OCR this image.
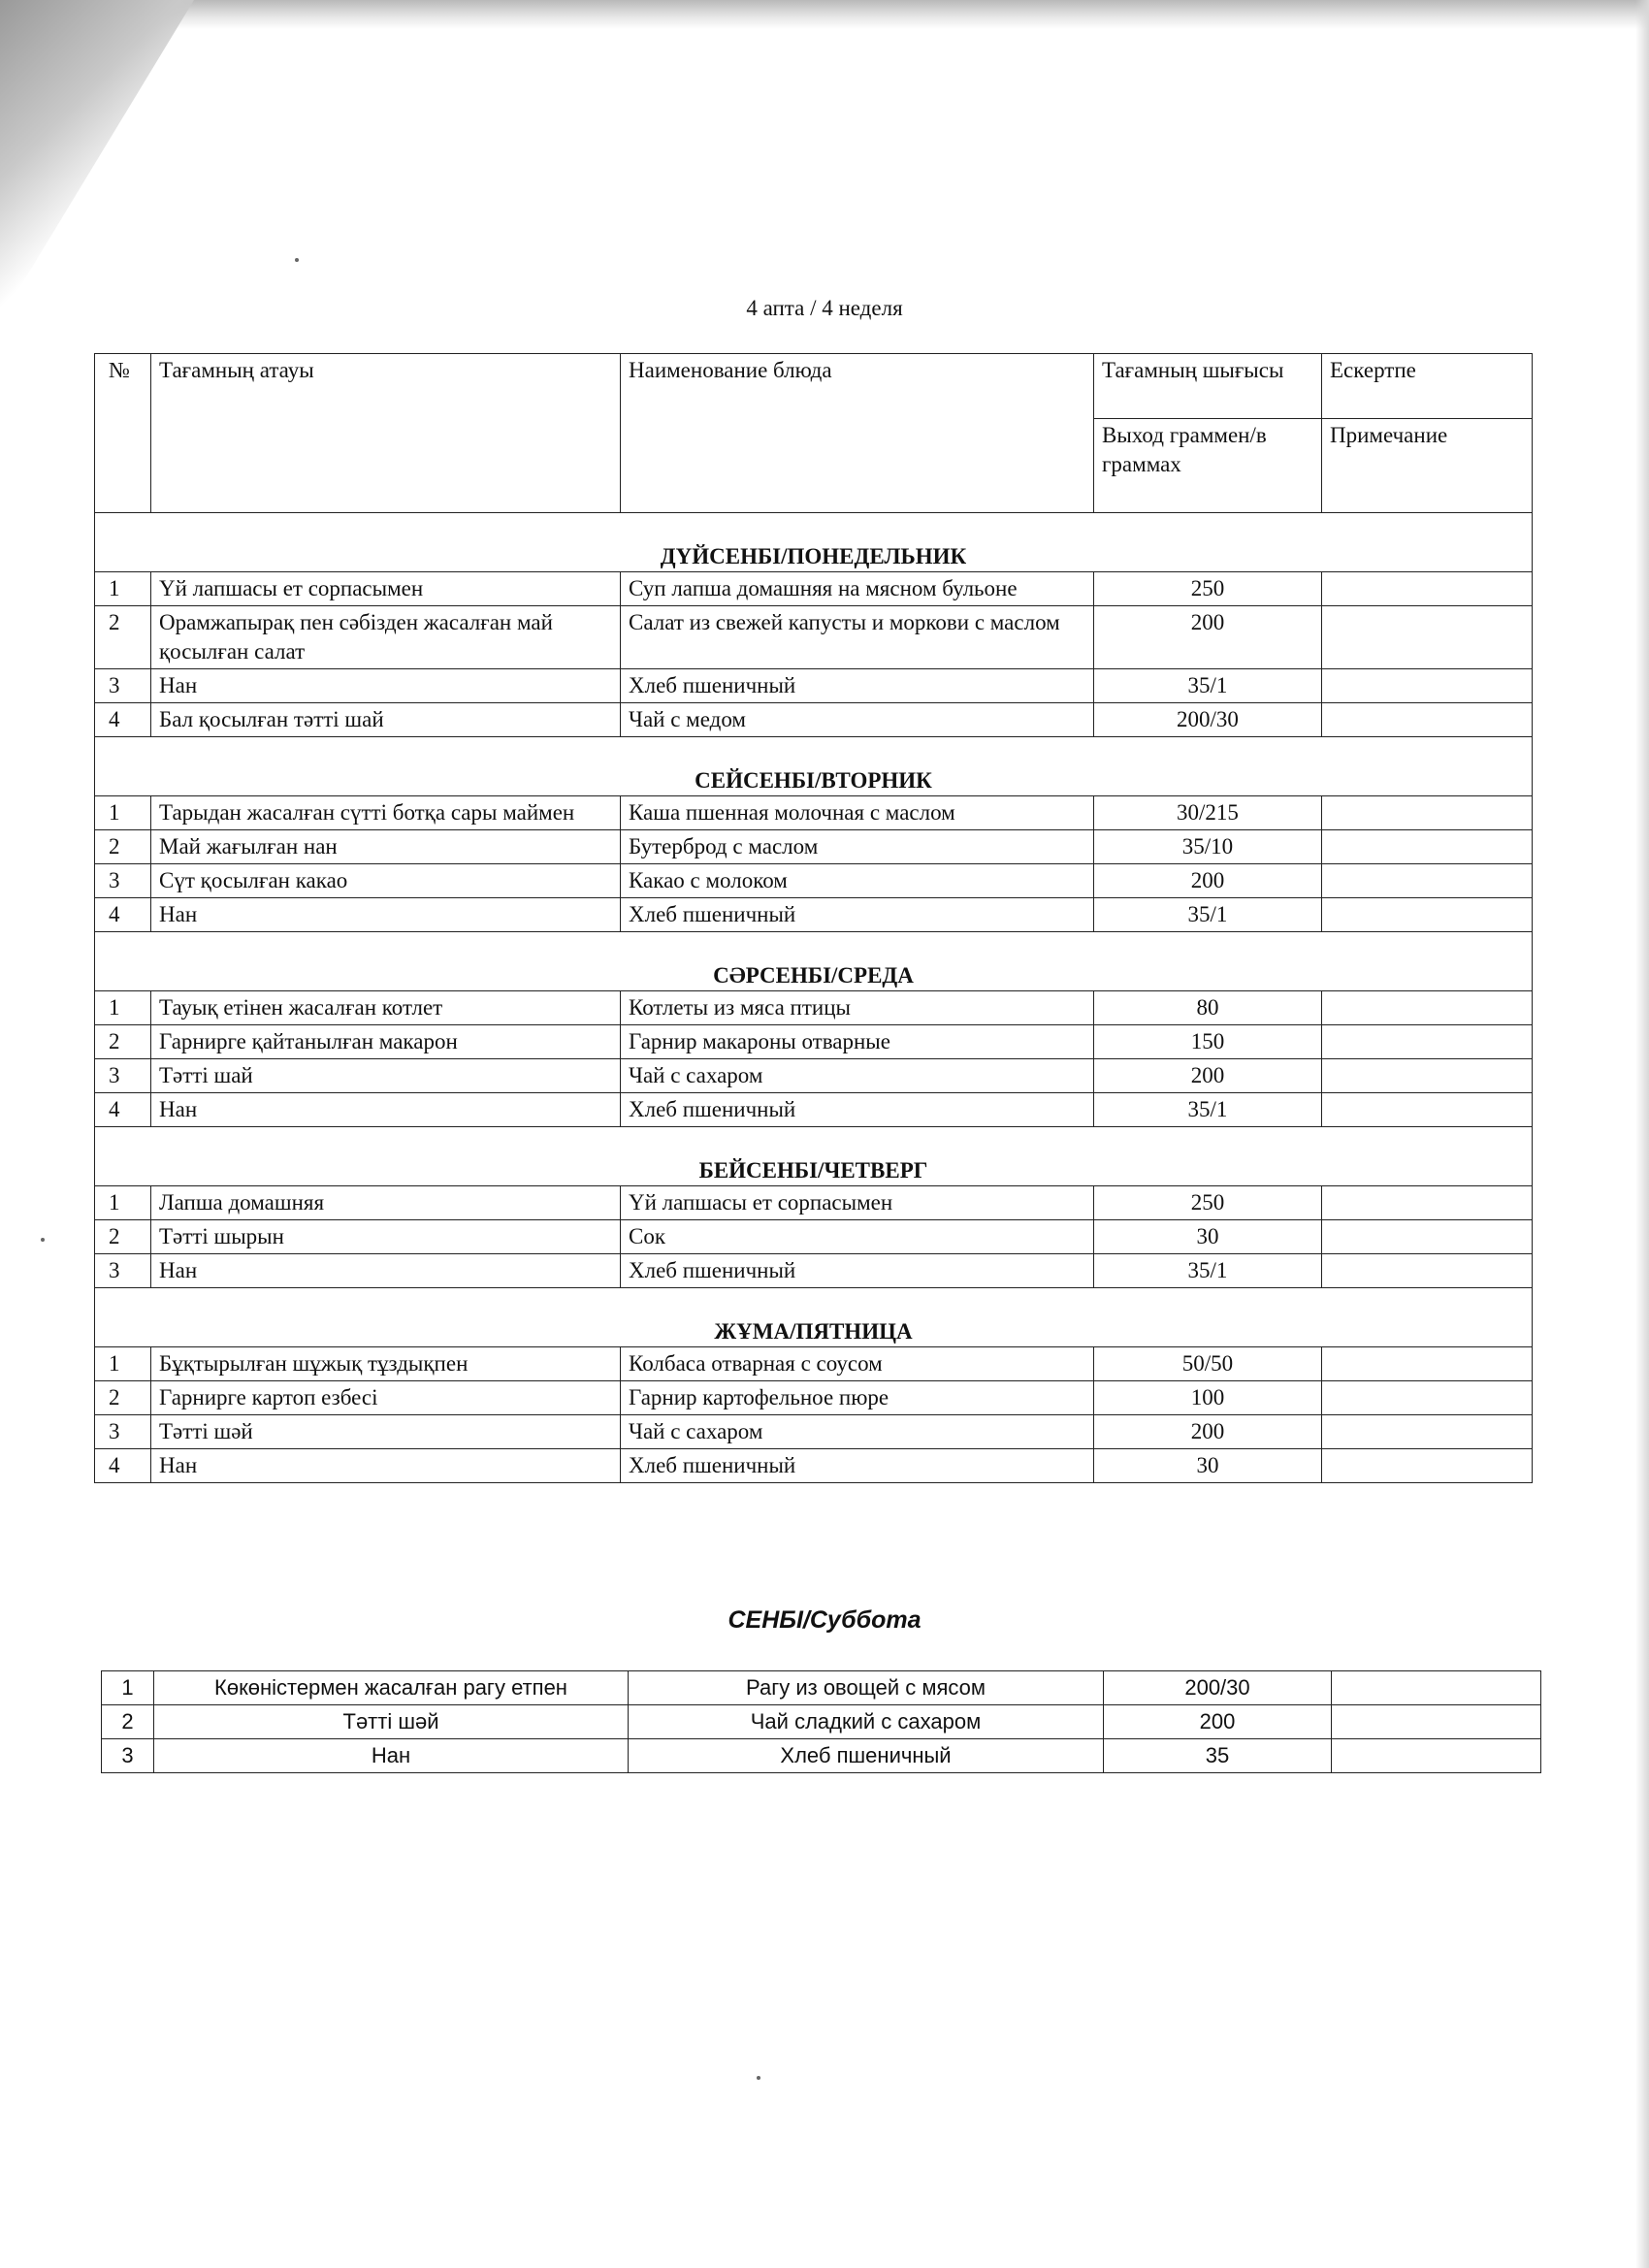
4 апта / 4 неделя
№	Тағамның атауы	Наименование блюда	Тағамның шығысы	Ескертпе
			Выход граммен/в граммах	Примечание
ДҮЙСЕНБІ/ПОНЕДЕЛЬНИК				
1	Үй лапшасы ет сорпасымен	Суп лапша домашняя на мясном бульоне	250	
2	Орамжапырақ пен сәбізден жасалған май қосылған салат	Салат из свежей капусты и моркови с маслом	200	
3	Нан	Хлеб пшеничный	35/1	
4	Бал қосылған тәтті шай	Чай с медом	200/30	
СЕЙСЕНБІ/ВТОРНИК				
1	Тарыдан жасалған сүтті ботқа сары маймен	Каша пшенная молочная с маслом	30/215	
2	Май жағылған нан	Бутерброд с маслом	35/10	
3	Сүт қосылған какао	Какао с молоком	200	
4	Нан	Хлеб пшеничный	35/1	
СӘРСЕНБІ/СРЕДА				
1	Тауық етінен жасалған котлет	Котлеты из мяса птицы	80	
2	Гарнирге қайтанылған макарон	Гарнир макароны отварные	150	
3	Тәтті шай	Чай с сахаром	200	
4	Нан	Хлеб пшеничный	35/1	
БЕЙСЕНБІ/ЧЕТВЕРГ				
1	Лапша домашняя	Үй лапшасы ет сорпасымен	250	
2	Тәтті шырын	Сок	30	
3	Нан	Хлеб пшеничный	35/1	
ЖҰМА/ПЯТНИЦА				
1	Бұқтырылған шұжық тұздықпен	Колбаса отварная с соусом	50/50	
2	Гарнирге картоп езбесі	Гарнир картофельное пюре	100	
3	Тәтті шәй	Чай с сахаром	200	
4	Нан	Хлеб пшеничный	30	
СЕНБІ/Суббота
1	Көкөністермен жасалған рагу етпен	Рагу из овощей с мясом	200/30	
2	Тәтті шәй	Чай сладкий с сахаром	200	
3	Нан	Хлеб пшеничный	35	
